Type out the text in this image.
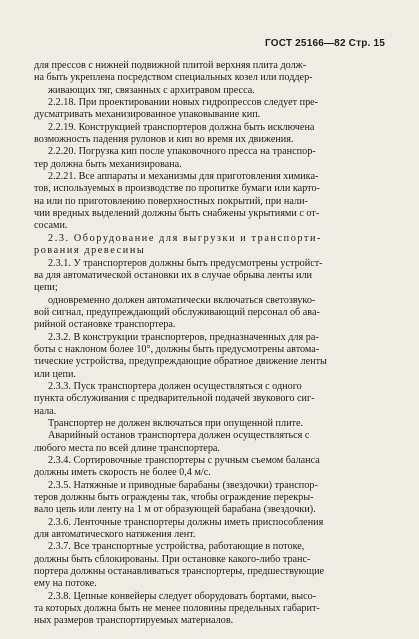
ГОСТ 25166—82 Стр. 15

для прессов с нижней подвижной плитой верхняя плита долж-
на быть укреплена посредством специальных козел или поддер-
живающих тяг, связанных с архитравом пресса.

2.2.18. При проектировании новых гидропрессов следует пре-
дусматривать механизированное упаковывание кип.

2.2.19. Конструкцией транспортеров должна быть исключена
возможность падения рулонов и кип во время их движения.

2.2.20. Погрузка кип после упаковочного пресса на транспор-
тер должна быть механизирована.

2.2.21. Все аппараты и механизмы для приготовления химика-
тов, используемых в производстве по пропитке бумаги или карто-
на или по приготовлению поверхностных покрытий, при нали-
чии вредных выделений должны быть снабжены укрытиями с от-
сосами.

2.3. Оборудование для выгрузки и транспорти-
рования древесины

2.3.1. У транспортеров должны быть предусмотрены устройст-
ва для автоматической остановки их в случае обрыва ленты или
цепи;

одновременно должен автоматически включаться светозвуко-
вой сигнал, предупреждающий обслуживающий персонал об ава-
рийной остановке транспортера.

2.3.2. В конструкции транспортеров, предназначенных для ра-
боты с наклоном более 10°, должны быть предусмотрены автома-
тические устройства, предупреждающие обратное движение ленты
или цепи.

2.3.3. Пуск транспортера должен осуществляться с одного
пункта обслуживания с предварительной подачей звукового сиг-
нала.

Транспортер не должен включаться при опущенной плите.

Аварийный останов транспортера должен осуществляться с
любого места по всей длине транспортера.

2.3.4. Сортировочные транспортеры с ручным съемом баланса
должны иметь скорость не более 0,4 м/с.

2.3.5. Натяжные и приводные барабаны (звездочки) транспор-
теров должны быть ограждены так, чтобы ограждение перекры-
вало цепь или ленту на 1 м от образующей барабана (звездочки).

2.3.6. Ленточные транспортеры должны иметь приспособления
для автоматического натяжения лент.

2.3.7. Все транспортные устройства, работающие в потоке,
должны быть сблокированы. При остановке какого-либо транс-
портера должны останавливаться транспортеры, предшествующие
ему на потоке.

2.3.8. Цепные конвейеры следует оборудовать бортами, высо-
та которых должна быть не менее половины предельных габарит-
ных размеров транспортируемых материалов.
